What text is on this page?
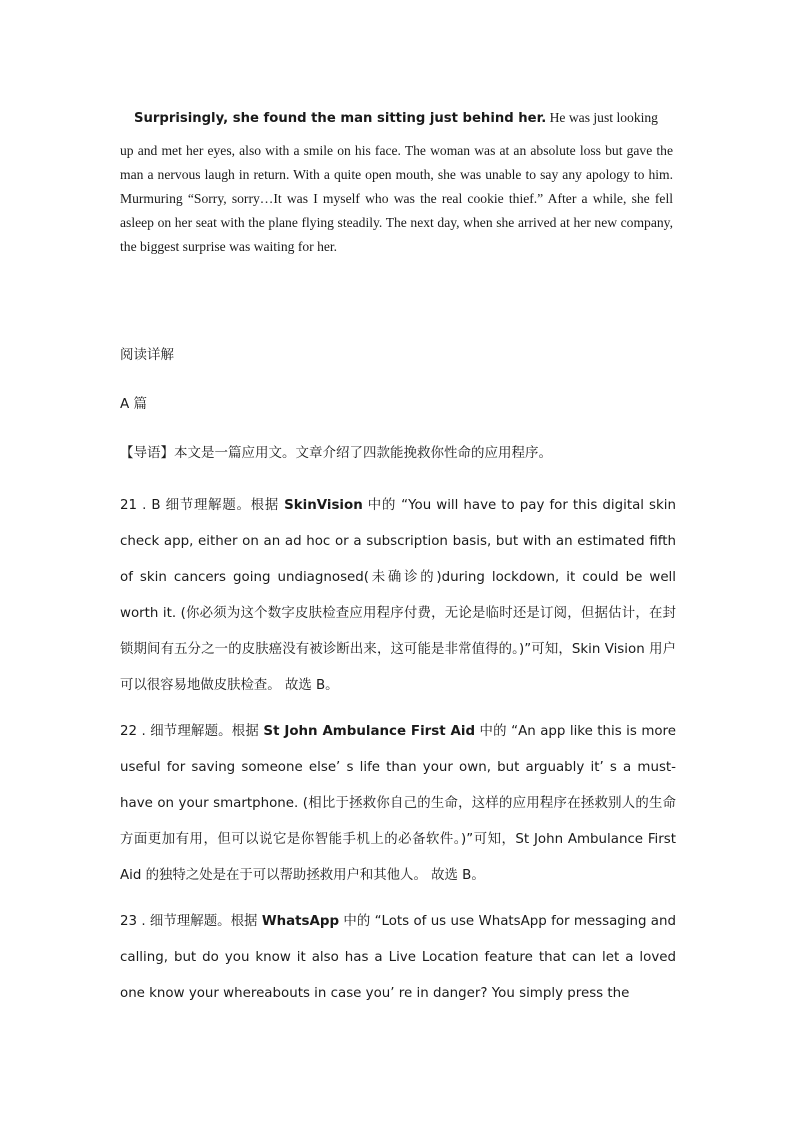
Surprisingly, she found the man sitting just behind her. He was just looking
up and met her eyes, also with a smile on his face. The woman was at an absolute loss but gave the man a nervous laugh in return. With a quite open mouth, she was unable to say any apology to him. Murmuring “Sorry, sorry…It was I myself who was the real cookie thief.” After a while, she fell asleep on her seat with the plane flying steadily. The next day, when she arrived at her new company, the biggest surprise was waiting for her.

阅读详解

A 篇

【导语】本文是一篇应用文。文章介绍了四款能挽救你性命的应用程序。

21 . B 细节理解题。根据 SkinVision 中的 “You will have to pay for this digital skin check app, either on an ad hoc or a subscription basis, but with an estimated fifth of skin cancers going undiagnosed(未确诊的)during lockdown, it could be well worth it. (你必须为这个数字皮肤检查应用程序付费，无论是临时还是订阅，但据估计，在封锁期间有五分之一的皮肤癌没有被诊断出来，这可能是非常值得的。)”可知，Skin Vision 用户可以很容易地做皮肤检查。 故选 B。

22 . 细节理解题。根据 St John Ambulance First Aid 中的 “An app like this is more useful for saving someone else’ s life than your own, but arguably it’ s a must-have on your smartphone. (相比于拯救你自己的生命，这样的应用程序在拯救别人的生命方面更加有用，但可以说它是你智能手机上的必备软件。)”可知，St John Ambulance First Aid 的独特之处是在于可以帮助拯救用户和其他人。 故选 B。

23 . 细节理解题。根据 WhatsApp 中的 “Lots of us use WhatsApp for messaging and calling, but do you know it also has a Live Location feature that can let a loved one know your whereabouts in case you’ re in danger? You simply press the
